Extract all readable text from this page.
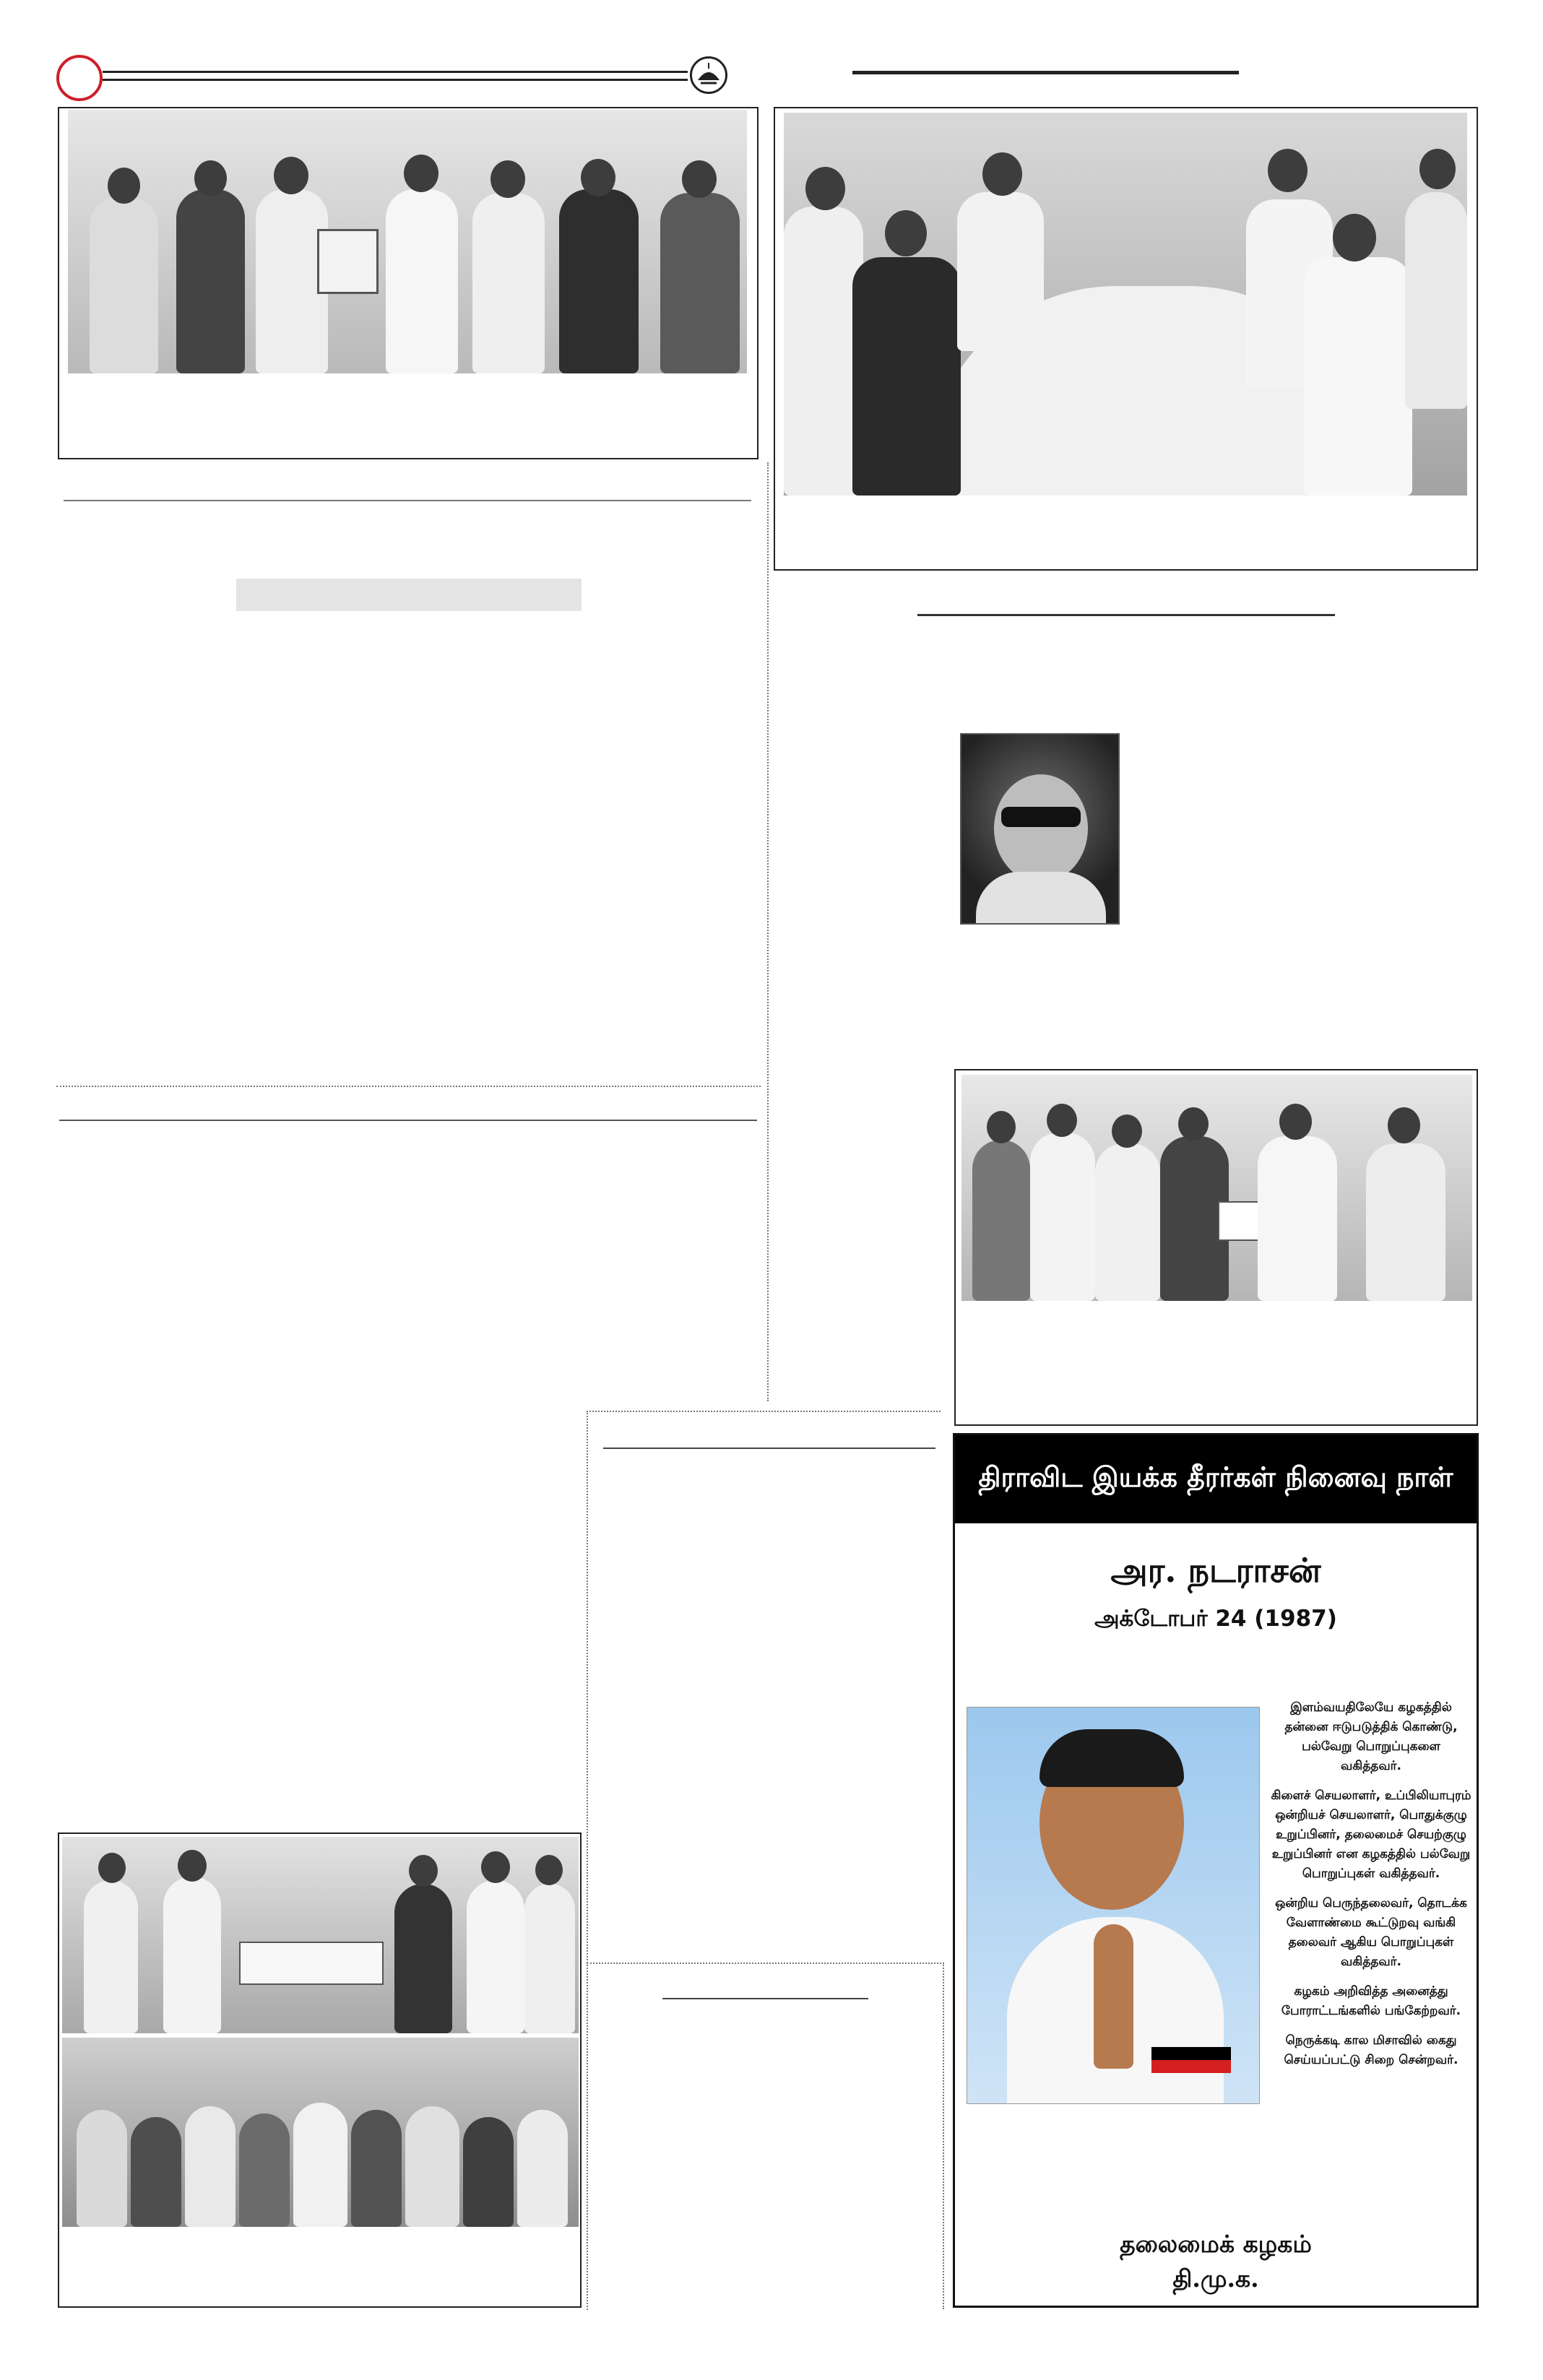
திராவிட இயக்க தீரர்கள் நினைவு நாள்
அர. நடராசன்
அக்டோபர் 24 (1987)

இளம்வயதிலேயே கழகத்தில் தன்னை ஈடுபடுத்திக் கொண்டு, பல்வேறு பொறுப்புகளை வகித்தவர்.

கிளைச் செயலாளர், உப்பிலியாபுரம் ஒன்றியச் செயலாளர், பொதுக்குழு உறுப்பினர், தலைமைச் செயற்குழு உறுப்பினர் என கழகத்தில் பல்வேறு பொறுப்புகள் வகித்தவர்.

ஒன்றிய பெருந்தலைவர், தொடக்க வேளாண்மை கூட்டுறவு வங்கி தலைவர் ஆகிய பொறுப்புகள் வகித்தவர்.

கழகம் அறிவித்த அனைத்து போராட்டங்களில் பங்கேற்றவர்.

நெருக்கடி கால மிசாவில் கைது செய்யப்பட்டு சிறை சென்றவர்.

தலைமைக் கழகம்
தி.மு.க.
